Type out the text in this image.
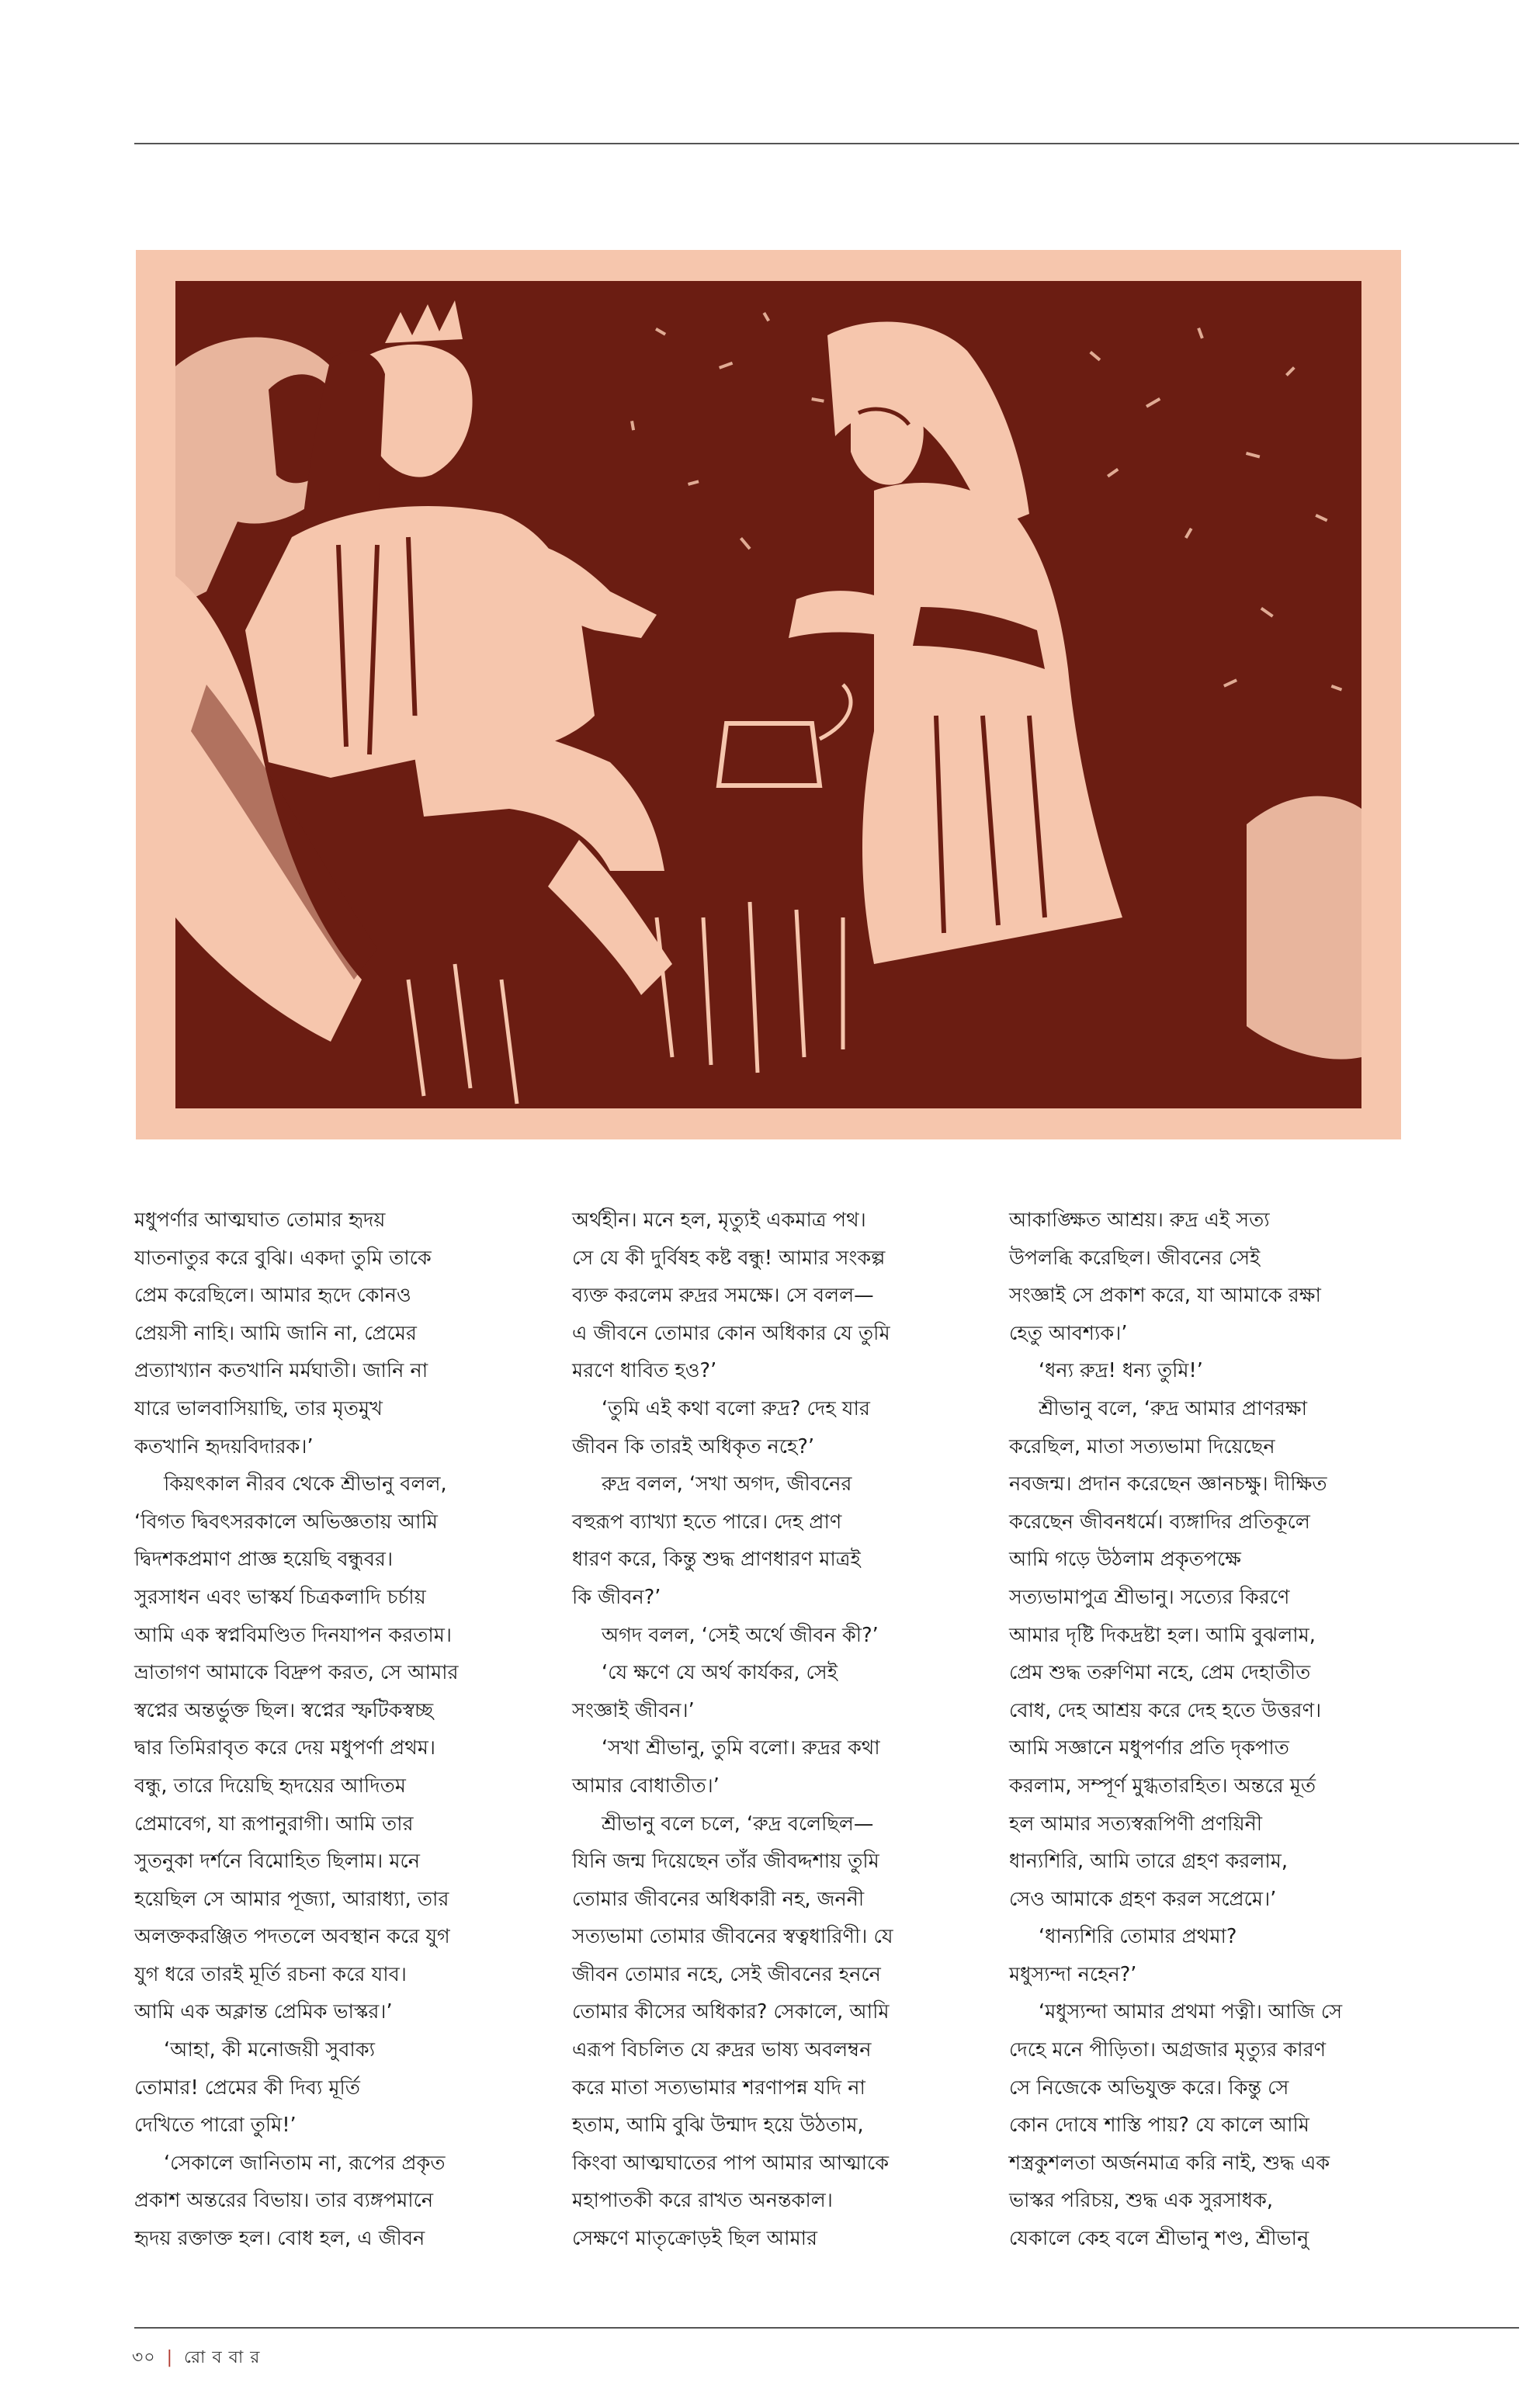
মধুপর্ণার আত্মঘাত তোমার হৃদয়
যাতনাতুর করে বুঝি। একদা তুমি তাকে
প্রেম করেছিলে। আমার হৃদে কোনও
প্রেয়সী নাহি। আমি জানি না, প্রেমের
প্রত্যাখ্যান কতখানি মর্মঘাতী। জানি না
যারে ভালবাসিয়াছি, তার মৃতমুখ
কতখানি হৃদয়বিদারক।’
কিয়ৎকাল নীরব থেকে শ্রীভানু বলল,
‘বিগত দ্বিবৎসরকালে অভিজ্ঞতায় আমি
দ্বিদশকপ্রমাণ প্রাজ্ঞ হয়েছি বন্ধুবর।
সুরসাধন এবং ভাস্কর্য চিত্রকলাদি চর্চায়
আমি এক স্বপ্নবিমণ্ডিত দিনযাপন করতাম।
ভ্রাতাগণ আমাকে বিদ্রুপ করত, সে আমার
স্বপ্নের অন্তর্ভুক্ত ছিল। স্বপ্নের স্ফটিকস্বচ্ছ
দ্বার তিমিরাবৃত করে দেয় মধুপর্ণা প্রথম।
বন্ধু, তারে দিয়েছি হৃদয়ের আদিতম
প্রেমাবেগ, যা রূপানুরাগী। আমি তার
সুতনুকা দর্শনে বিমোহিত ছিলাম। মনে
হয়েছিল সে আমার পূজ্যা, আরাধ্যা, তার
অলক্তকরঞ্জিত পদতলে অবস্থান করে যুগ
যুগ ধরে তারই মূর্তি রচনা করে যাব।
আমি এক অক্লান্ত প্রেমিক ভাস্কর।’
‘আহা, কী মনোজয়ী সুবাক্য
তোমার! প্রেমের কী দিব্য মূর্তি
দেখিতে পারো তুমি!’
‘সেকালে জানিতাম না, রূপের প্রকৃত
প্রকাশ অন্তরের বিভায়। তার ব্যঙ্গপমানে
হৃদয় রক্তাক্ত হল। বোধ হল, এ জীবন
অর্থহীন। মনে হল, মৃত্যুই একমাত্র পথ।
সে যে কী দুর্বিষহ কষ্ট বন্ধু! আমার সংকল্প
ব্যক্ত করলেম রুদ্রর সমক্ষে। সে বলল—
এ জীবনে তোমার কোন অধিকার যে তুমি
মরণে ধাবিত হও?’
‘তুমি এই কথা বলো রুদ্র? দেহ যার
জীবন কি তারই অধিকৃত নহে?’
রুদ্র বলল, ‘সখা অগদ, জীবনের
বহুরূপ ব্যাখ্যা হতে পারে। দেহ প্রাণ
ধারণ করে, কিন্তু শুদ্ধ প্রাণধারণ মাত্রই
কি জীবন?’
অগদ বলল, ‘সেই অর্থে জীবন কী?’
‘যে ক্ষণে যে অর্থ কার্যকর, সেই
সংজ্ঞাই জীবন।’
‘সখা শ্রীভানু, তুমি বলো। রুদ্রর কথা
আমার বোধাতীত।’
শ্রীভানু বলে চলে, ‘রুদ্র বলেছিল—
যিনি জন্ম দিয়েছেন তাঁর জীবদ্দশায় তুমি
তোমার জীবনের অধিকারী নহ, জননী
সত্যভামা তোমার জীবনের স্বত্বধারিণী। যে
জীবন তোমার নহে, সেই জীবনের হননে
তোমার কীসের অধিকার? সেকালে, আমি
এরূপ বিচলিত যে রুদ্রর ভাষ্য অবলম্বন
করে মাতা সত্যভামার শরণাপন্ন যদি না
হতাম, আমি বুঝি উন্মাদ হয়ে উঠতাম,
কিংবা আত্মঘাতের পাপ আমার আত্মাকে
মহাপাতকী করে রাখত অনন্তকাল।
সেক্ষণে মাতৃক্রোড়ই ছিল আমার
আকাঙ্ক্ষিত আশ্রয়। রুদ্র এই সত্য
উপলব্ধি করেছিল। জীবনের সেই
সংজ্ঞাই সে প্রকাশ করে, যা আমাকে রক্ষা
হেতু আবশ্যক।’
‘ধন্য রুদ্র! ধন্য তুমি!’
শ্রীভানু বলে, ‘রুদ্র আমার প্রাণরক্ষা
করেছিল, মাতা সত্যভামা দিয়েছেন
নবজন্ম। প্রদান করেছেন জ্ঞানচক্ষু। দীক্ষিত
করেছেন জীবনধর্মে। ব্যঙ্গাদির প্রতিকূলে
আমি গড়ে উঠলাম প্রকৃতপক্ষে
সত্যভামাপুত্র শ্রীভানু। সত্যের কিরণে
আমার দৃষ্টি দিকদ্রষ্টা হল। আমি বুঝলাম,
প্রেম শুদ্ধ তরুণিমা নহে, প্রেম দেহাতীত
বোধ, দেহ আশ্রয় করে দেহ হতে উত্তরণ।
আমি সজ্ঞানে মধুপর্ণার প্রতি দৃকপাত
করলাম, সম্পূর্ণ মুগ্ধতারহিত। অন্তরে মূর্ত
হল আমার সত্যস্বরূপিণী প্রণয়িনী
ধান্যশিরি, আমি তারে গ্রহণ করলাম,
সেও আমাকে গ্রহণ করল সপ্রেমে।’
‘ধান্যশিরি তোমার প্রথমা?
মধুস্যন্দা নহেন?’
‘মধুস্যন্দা আমার প্রথমা পত্নী। আজি সে
দেহে মনে পীড়িতা। অগ্রজার মৃত্যুর কারণ
সে নিজেকে অভিযুক্ত করে। কিন্তু সে
কোন দোষে শাস্তি পায়? যে কালে আমি
শস্ত্রকুশলতা অর্জনমাত্র করি নাই, শুদ্ধ এক
ভাস্কর পরিচয়, শুদ্ধ এক সুরসাধক,
যেকালে কেহ বলে শ্রীভানু শণ্ড, শ্রীভানু
৩০ | রো ব বা র
